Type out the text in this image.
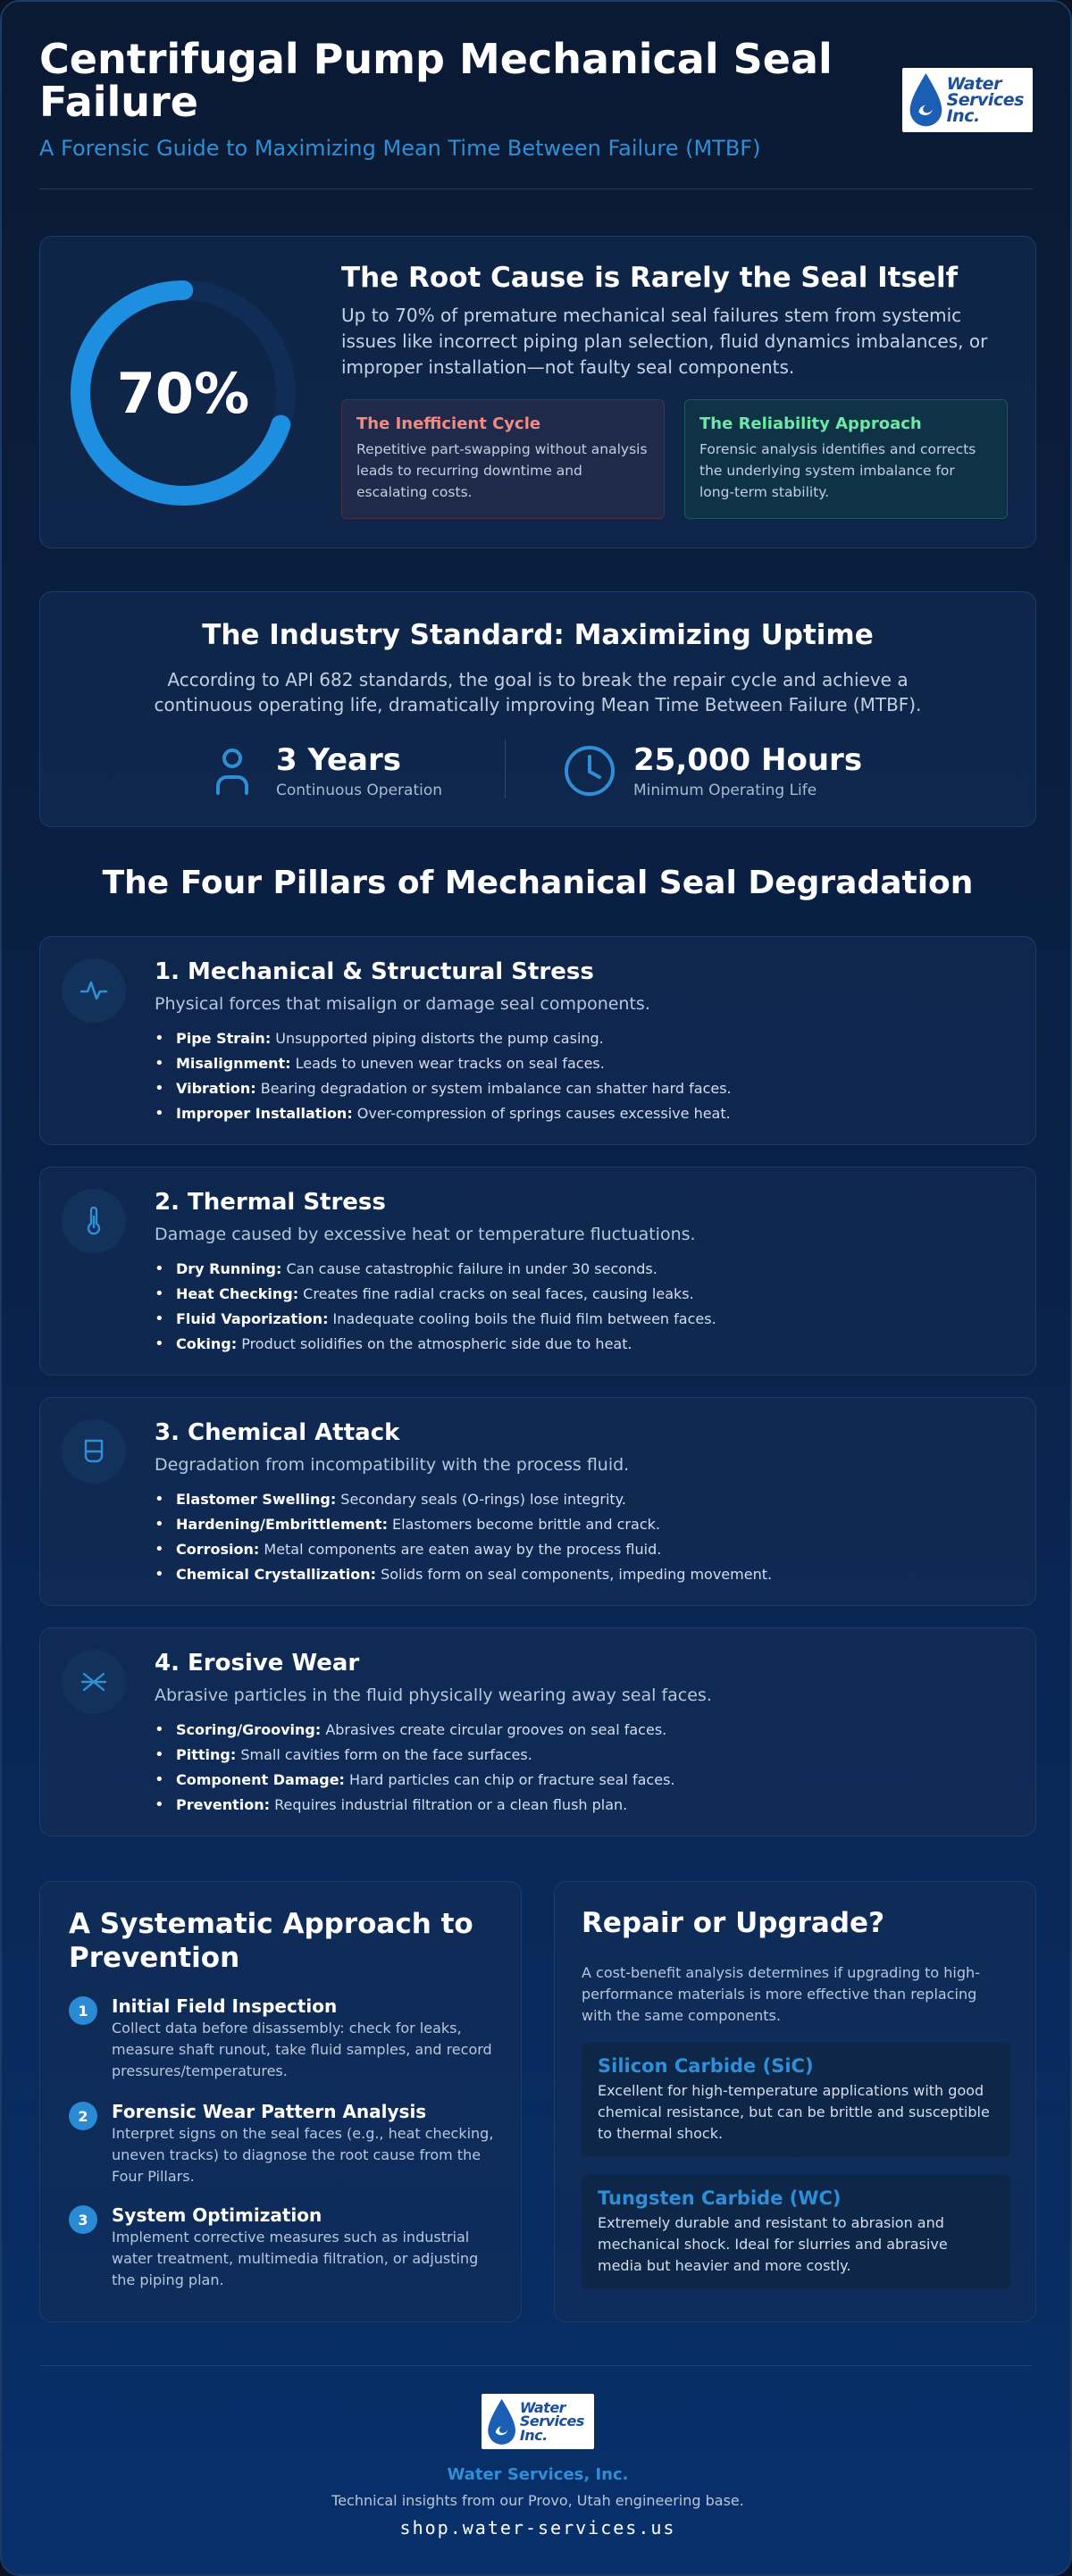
Centrifugal Pump Mechanical Seal Failure
A Forensic Guide to Maximizing Mean Time Between Failure (MTBF)
Water
Services
Inc.
70%
The Root Cause is Rarely the Seal Itself
Up to 70% of premature mechanical seal failures stem from systemic issues like incorrect piping plan selection, fluid dynamics imbalances, or improper installation—not faulty seal components.
The Inefficient Cycle
Repetitive part-swapping without analysis leads to recurring downtime and escalating costs.
The Reliability Approach
Forensic analysis identifies and corrects the underlying system imbalance for long-term stability.
The Industry Standard: Maximizing Uptime
According to API 682 standards, the goal is to break the repair cycle and achieve a continuous operating life, dramatically improving Mean Time Between Failure (MTBF).
3 Years
Continuous Operation
25,000 Hours
Minimum Operating Life
The Four Pillars of Mechanical Seal Degradation
1. Mechanical & Structural Stress
Physical forces that misalign or damage seal components.
• Pipe Strain: Unsupported piping distorts the pump casing.
• Misalignment: Leads to uneven wear tracks on seal faces.
• Vibration: Bearing degradation or system imbalance can shatter hard faces.
• Improper Installation: Over-compression of springs causes excessive heat.
2. Thermal Stress
Damage caused by excessive heat or temperature fluctuations.
• Dry Running: Can cause catastrophic failure in under 30 seconds.
• Heat Checking: Creates fine radial cracks on seal faces, causing leaks.
• Fluid Vaporization: Inadequate cooling boils the fluid film between faces.
• Coking: Product solidifies on the atmospheric side due to heat.
3. Chemical Attack
Degradation from incompatibility with the process fluid.
• Elastomer Swelling: Secondary seals (O-rings) lose integrity.
• Hardening/Embrittlement: Elastomers become brittle and crack.
• Corrosion: Metal components are eaten away by the process fluid.
• Chemical Crystallization: Solids form on seal components, impeding movement.
4. Erosive Wear
Abrasive particles in the fluid physically wearing away seal faces.
• Scoring/Grooving: Abrasives create circular grooves on seal faces.
• Pitting: Small cavities form on the face surfaces.
• Component Damage: Hard particles can chip or fracture seal faces.
• Prevention: Requires industrial filtration or a clean flush plan.
A Systematic Approach to Prevention
1	Initial Field Inspection
Collect data before disassembly: check for leaks, measure shaft runout, take fluid samples, and record pressures/temperatures.
2	Forensic Wear Pattern Analysis
Interpret signs on the seal faces (e.g., heat checking, uneven tracks) to diagnose the root cause from the Four Pillars.
3	System Optimization
Implement corrective measures such as industrial water treatment, multimedia filtration, or adjusting the piping plan.
Repair or Upgrade?
A cost-benefit analysis determines if upgrading to high-performance materials is more effective than replacing with the same components.
Silicon Carbide (SiC)
Excellent for high-temperature applications with good chemical resistance, but can be brittle and susceptible to thermal shock.
Tungsten Carbide (WC)
Extremely durable and resistant to abrasion and mechanical shock. Ideal for slurries and abrasive media but heavier and more costly.
Water
Services
Inc.
Water Services, Inc.
Technical insights from our Provo, Utah engineering base.
shop.water-services.us
